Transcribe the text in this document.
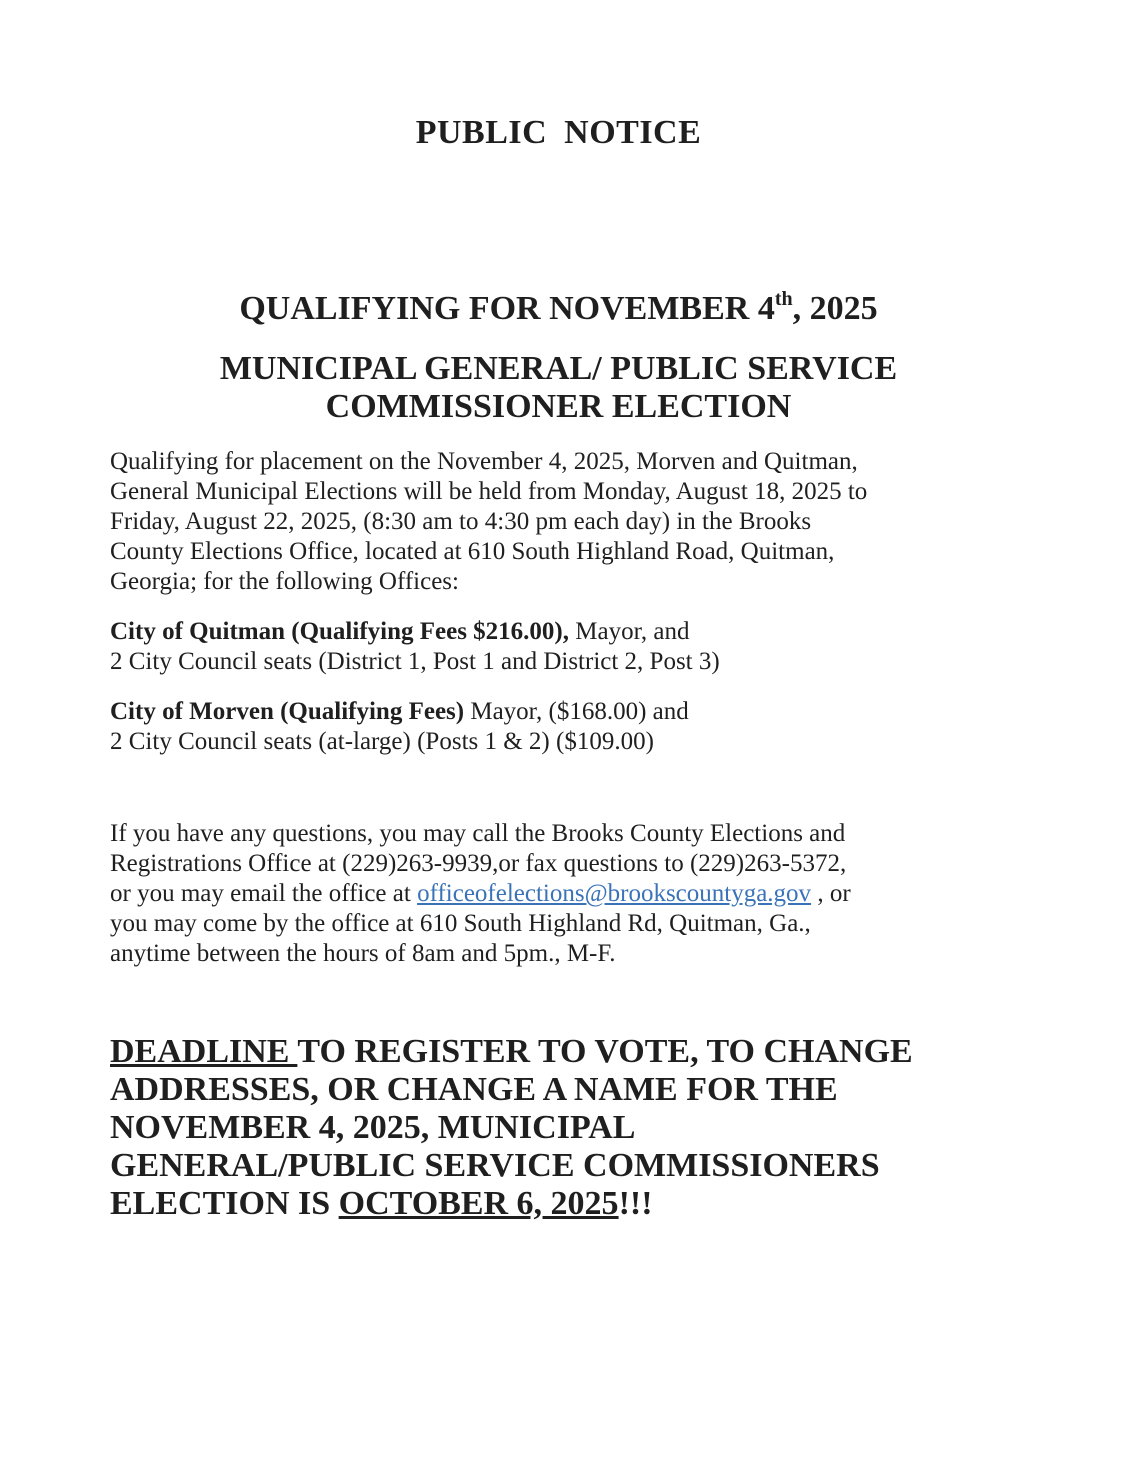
PUBLIC NOTICE
QUALIFYING FOR NOVEMBER 4th, 2025
MUNICIPAL GENERAL/ PUBLIC SERVICE
COMMISSIONER ELECTION

Qualifying for placement on the November 4, 2025, Morven and Quitman,
General Municipal Elections will be held from Monday, August 18, 2025 to
Friday, August 22, 2025, (8:30 am to 4:30 pm each day) in the Brooks
County Elections Office, located at 610 South Highland Road, Quitman,
Georgia; for the following Offices:

City of Quitman (Qualifying Fees $216.00), Mayor, and
2 City Council seats (District 1, Post 1 and District 2, Post 3)

City of Morven (Qualifying Fees) Mayor, ($168.00) and
2 City Council seats (at-large) (Posts 1 & 2) ($109.00)

If you have any questions, you may call the Brooks County Elections and
Registrations Office at (229)263-9939,or fax questions to (229)263-5372,
or you may email the office at officeofelections@brookscountyga.gov , or
you may come by the office at 610 South Highland Rd, Quitman, Ga.,
anytime between the hours of 8am and 5pm., M-F.

DEADLINE TO REGISTER TO VOTE, TO CHANGE
ADDRESSES, OR CHANGE A NAME FOR THE
NOVEMBER 4, 2025, MUNICIPAL
GENERAL/PUBLIC SERVICE COMMISSIONERS
ELECTION IS OCTOBER 6, 2025!!!
